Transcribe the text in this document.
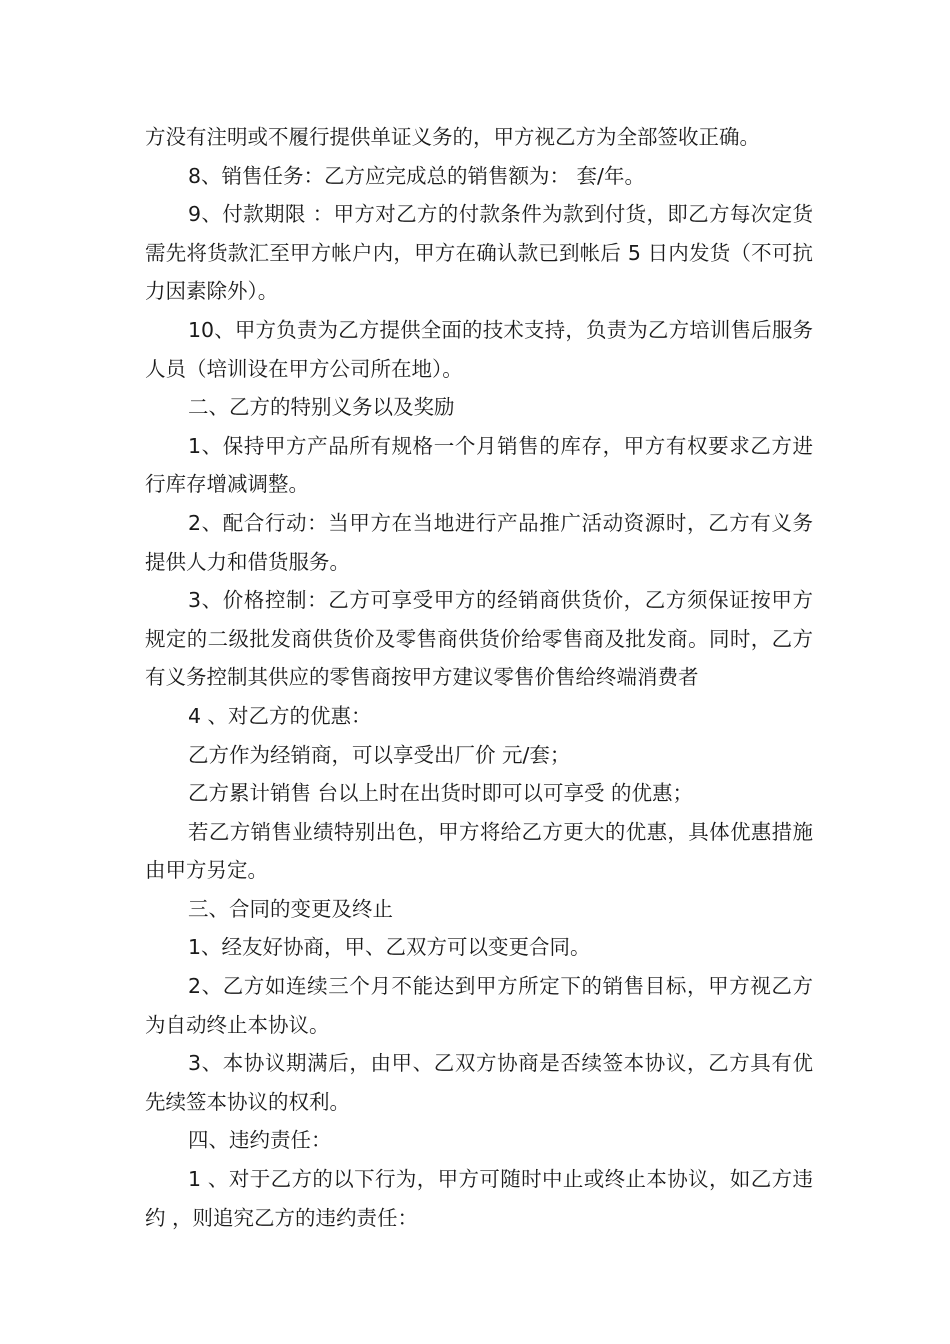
方没有注明或不履行提供单证义务的，甲方视乙方为全部签收正确。

8、销售任务：乙方应完成总的销售额为： 套/年。

9、付款期限 ：甲方对乙方的付款条件为款到付货，即乙方每次定货需先将货款汇至甲方帐户内，甲方在确认款已到帐后 5 日内发货（不可抗力因素除外）。

10、甲方负责为乙方提供全面的技术支持，负责为乙方培训售后服务人员（培训设在甲方公司所在地）。

二、乙方的特别义务以及奖励

1、保持甲方产品所有规格一个月销售的库存，甲方有权要求乙方进行库存增减调整。

2、配合行动：当甲方在当地进行产品推广活动资源时，乙方有义务提供人力和借货服务。

3、价格控制：乙方可享受甲方的经销商供货价，乙方须保证按甲方规定的二级批发商供货价及零售商供货价给零售商及批发商。同时，乙方有义务控制其供应的零售商按甲方建议零售价售给终端消费者

4 、对乙方的优惠：

乙方作为经销商，可以享受出厂价 元/套；

乙方累计销售 台以上时在出货时即可以可享受 的优惠；

若乙方销售业绩特别出色，甲方将给乙方更大的优惠，具体优惠措施由甲方另定。

三、合同的变更及终止

1、经友好协商，甲、乙双方可以变更合同。

2、乙方如连续三个月不能达到甲方所定下的销售目标，甲方视乙方为自动终止本协议。

3、本协议期满后，由甲、乙双方协商是否续签本协议，乙方具有优先续签本协议的权利。

四、违约责任：

1 、对于乙方的以下行为，甲方可随时中止或终止本协议，如乙方违约 ，则追究乙方的违约责任：
